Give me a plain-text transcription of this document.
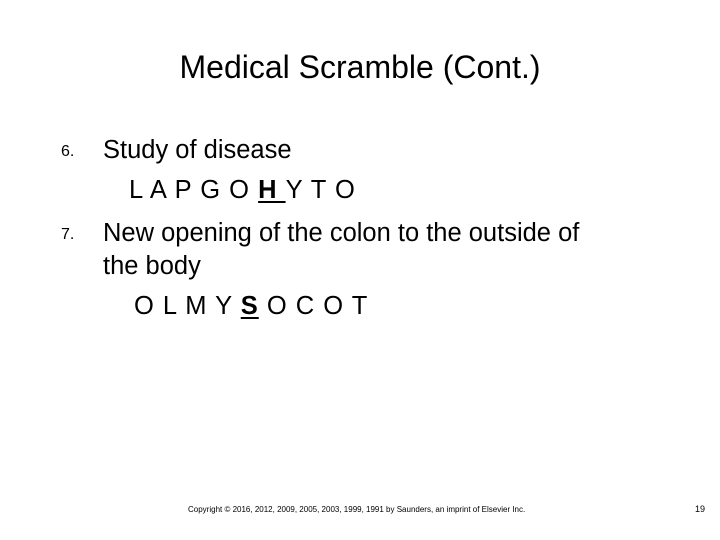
Medical Scramble (Cont.)
6. Study of disease
L A P G O H Y T O
7. New opening of the colon to the outside of
the body
O L M Y S O C O T
Copyright © 2016, 2012, 2009, 2005, 2003, 1999, 1991 by Saunders, an imprint of Elsevier Inc.	19
